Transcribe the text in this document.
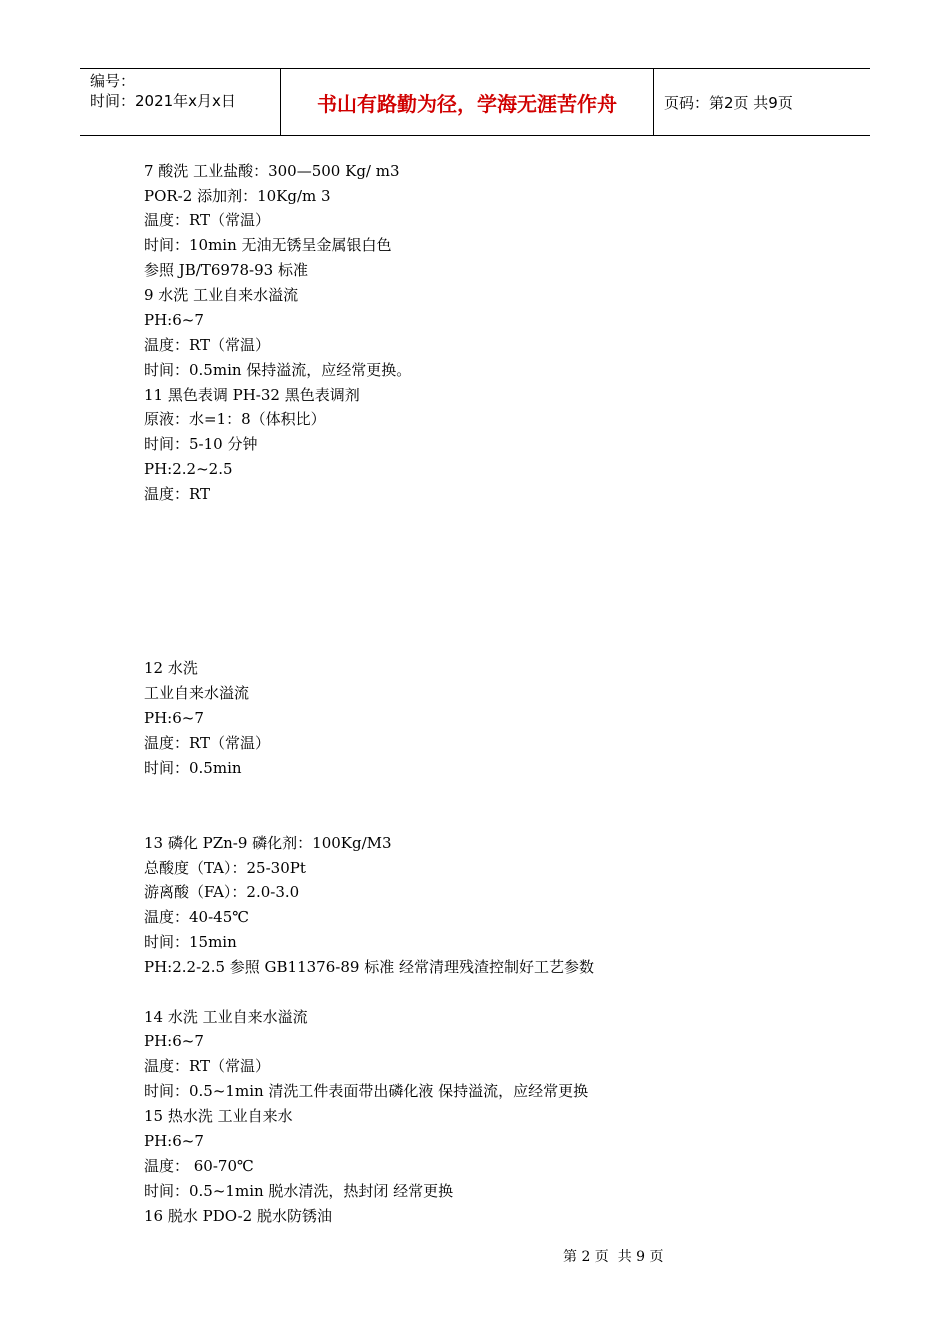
编号：
时间：2021年x月x日	书山有路勤为径，学海无涯苦作舟	页码：第2页 共9页
7 酸洗 工业盐酸：300—500 Kg/ m3
POR-2 添加剂：10Kg/m 3
温度：RT（常温）
时间：10min 无油无锈呈金属银白色
参照 JB/T6978-93 标准
9 水洗 工业自来水溢流
PH:6~7
温度：RT（常温）
时间：0.5min 保持溢流，应经常更换。
11 黑色表调 PH-32 黑色表调剂
原液：水=1：8（体积比）
时间：5-10 分钟
PH:2.2~2.5
温度：RT
12 水洗
工业自来水溢流
PH:6~7
温度：RT（常温）
时间：0.5min
13 磷化 PZn-9 磷化剂：100Kg/M3
总酸度（TA）：25-30Pt
游离酸（FA）：2.0-3.0
温度：40-45℃
时间：15min
PH:2.2-2.5 参照 GB11376-89 标准 经常清理残渣控制好工艺参数
14 水洗 工业自来水溢流
PH:6~7
温度：RT（常温）
时间：0.5~1min 清洗工件表面带出磷化液 保持溢流，应经常更换
15 热水洗 工业自来水
PH:6~7
温度： 60-70℃
时间：0.5~1min 脱水清洗，热封闭 经常更换
16 脱水 PDO-2 脱水防锈油
第 2 页  共 9 页
